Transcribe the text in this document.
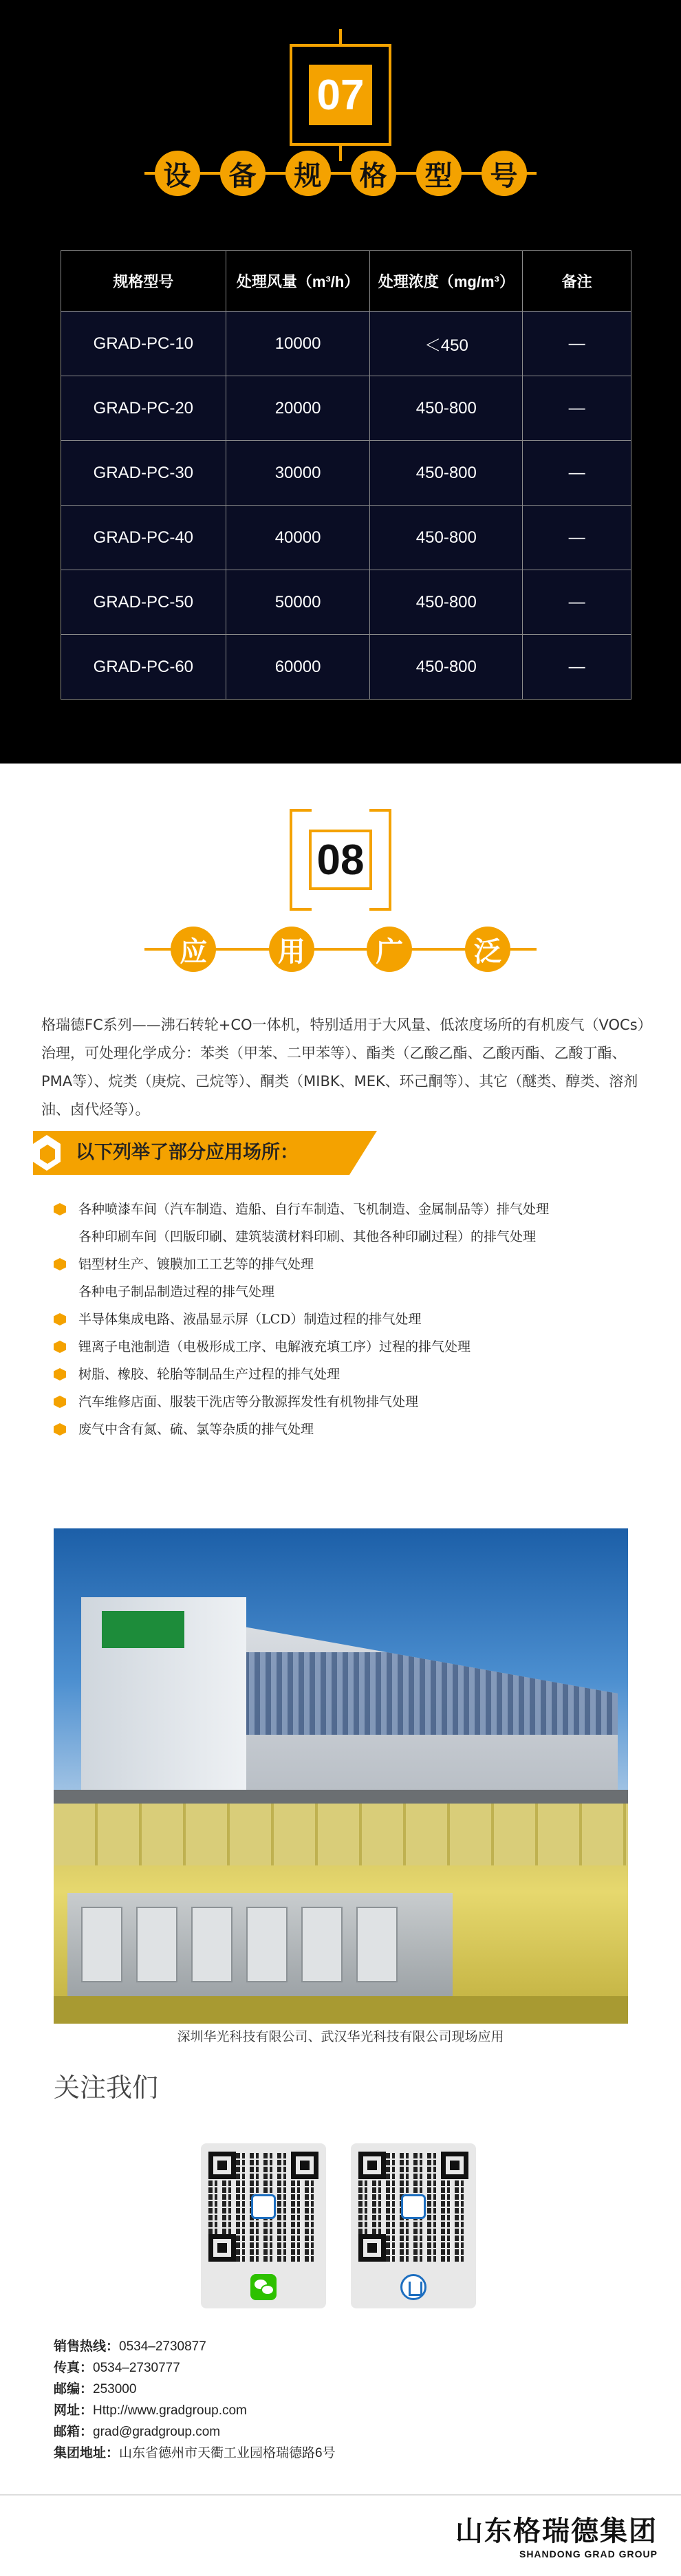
07
设	备	规	格	型	号
规格型号	处理风量（m³/h）	处理浓度（mg/m³）	备注
GRAD-PC-10	10000	＜450	—
GRAD-PC-20	20000	450-800	—
GRAD-PC-30	30000	450-800	—
GRAD-PC-40	40000	450-800	—
GRAD-PC-50	50000	450-800	—
GRAD-PC-60	60000	450-800	—
08
应	用	广	泛

格瑞德FC系列——沸石转轮+CO一体机，特别适用于大风量、低浓度场所的有机废气（VOCs）治理，可处理化学成分：苯类（甲苯、二甲苯等）、酯类（乙酸乙酯、乙酸丙酯、乙酸丁酯、PMA等）、烷类（庚烷、己烷等）、酮类（MIBK、MEK、环己酮等）、其它（醚类、醇类、溶剂油、卤代烃等）。

以下列举了部分应用场所：
各种喷漆车间（汽车制造、造船、自行车制造、飞机制造、金属制品等）排气处理
各种印刷车间（凹版印刷、建筑装潢材料印刷、其他各种印刷过程）的排气处理
铝型材生产、镀膜加工工艺等的排气处理
各种电子制品制造过程的排气处理
半导体集成电路、液晶显示屏（LCD）制造过程的排气处理
锂离子电池制造（电极形成工序、电解液充填工序）过程的排气处理
树脂、橡胶、轮胎等制品生产过程的排气处理
汽车维修店面、服装干洗店等分散源挥发性有机物排气处理
废气中含有氮、硫、氯等杂质的排气处理
深圳华光科技有限公司、武汉华光科技有限公司现场应用
关注我们
销售热线：0534–2730877
传真：0534–2730777
邮编：253000
网址：Http://www.gradgroup.com
邮箱：grad@gradgroup.com
集团地址：山东省德州市天衢工业园格瑞德路6号
山东格瑞德集团
SHANDONG GRAD GROUP
